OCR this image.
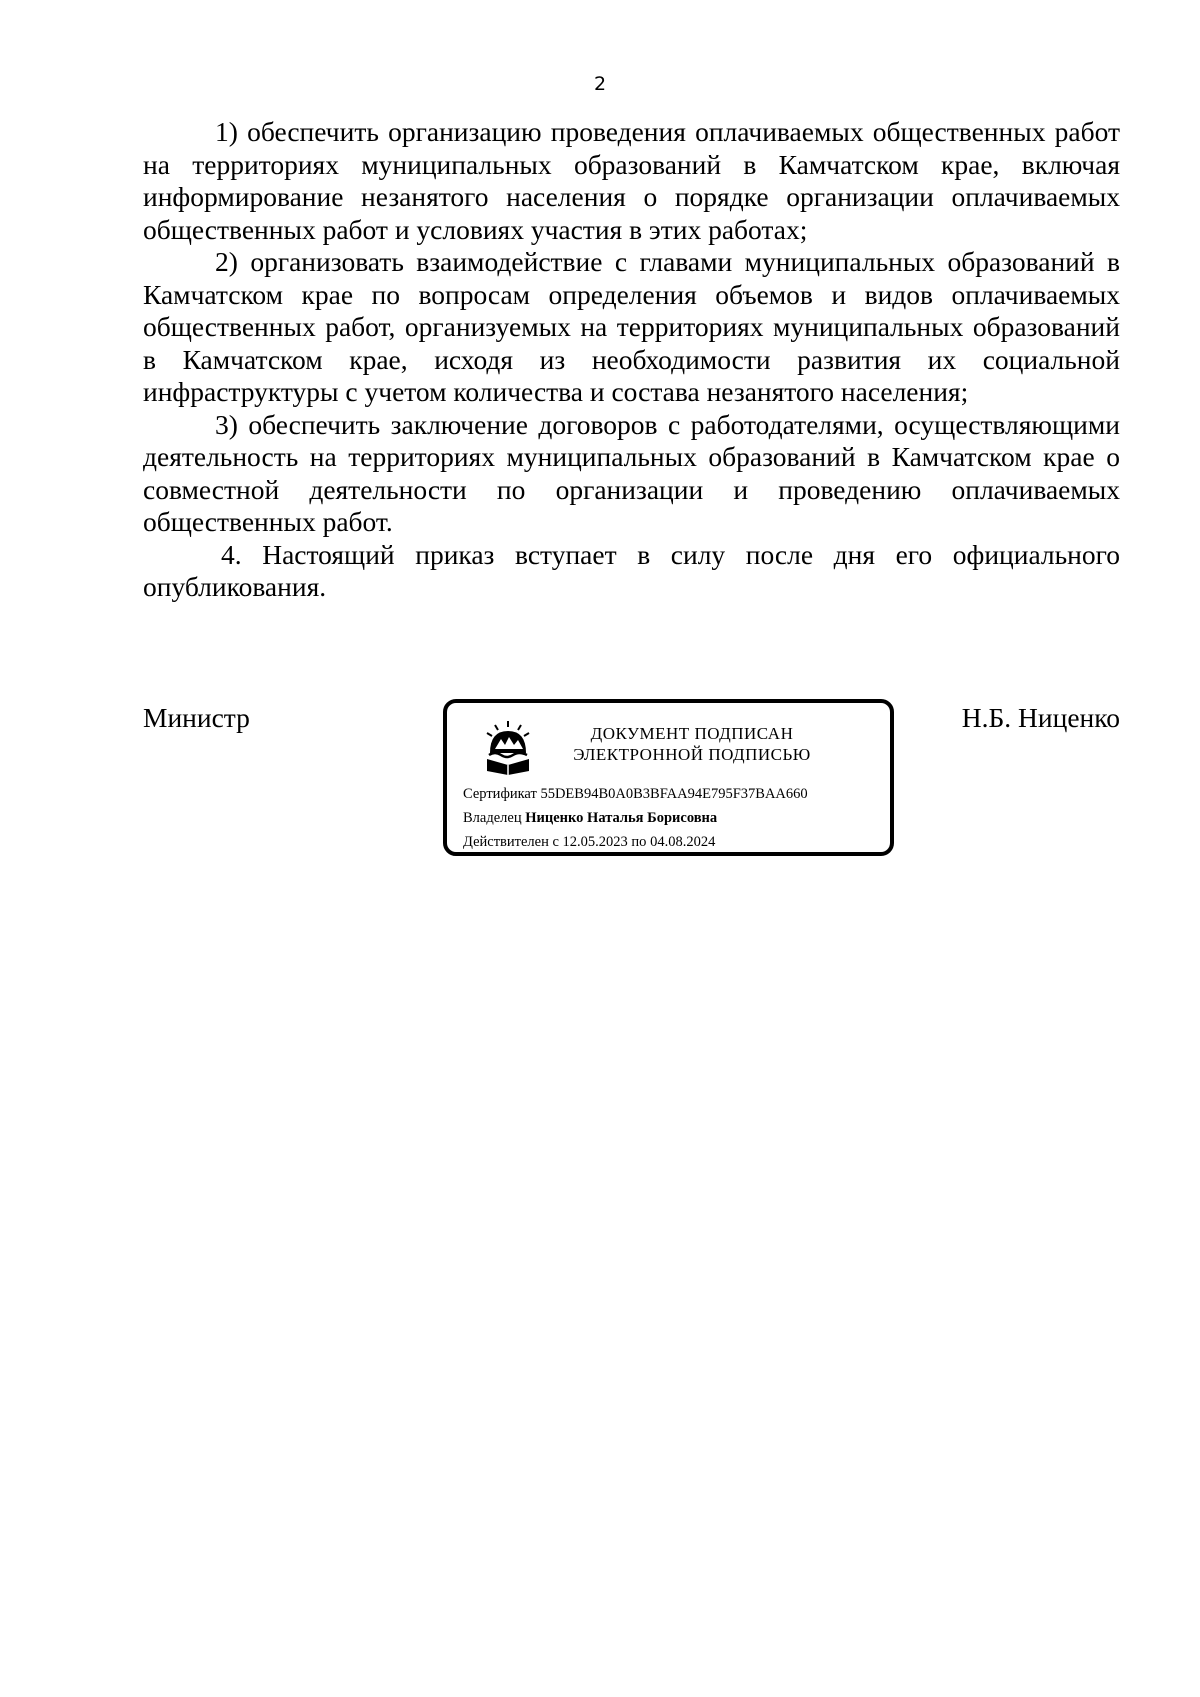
2

1) обеспечить организацию проведения оплачиваемых общественных работ на территориях муниципальных образований в Камчатском крае, включая информирование незанятого населения о порядке организации оплачиваемых общественных работ и условиях участия в этих работах;

2) организовать взаимодействие с главами муниципальных образований в Камчатском крае по вопросам определения объемов и видов оплачиваемых общественных работ, организуемых на территориях муниципальных образований в Камчатском крае, исходя из необходимости развития их социальной инфраструктуры с учетом количества и состава незанятого населения;

3) обеспечить заключение договоров с работодателями, осуществляющими деятельность на территориях муниципальных образований в Камчатском крае о совместной деятельности по организации и проведению оплачиваемых общественных работ.

4. Настоящий приказ вступает в силу после дня его официального опубликования.

Министр	Н.Б. Ниценко
ДОКУМЕНТ ПОДПИСАН
ЭЛЕКТРОННОЙ ПОДПИСЬЮ
Сертификат 55DEB94B0A0B3BFAA94E795F37BAA660
Владелец Ниценко Наталья Борисовна
Действителен с 12.05.2023 по 04.08.2024
